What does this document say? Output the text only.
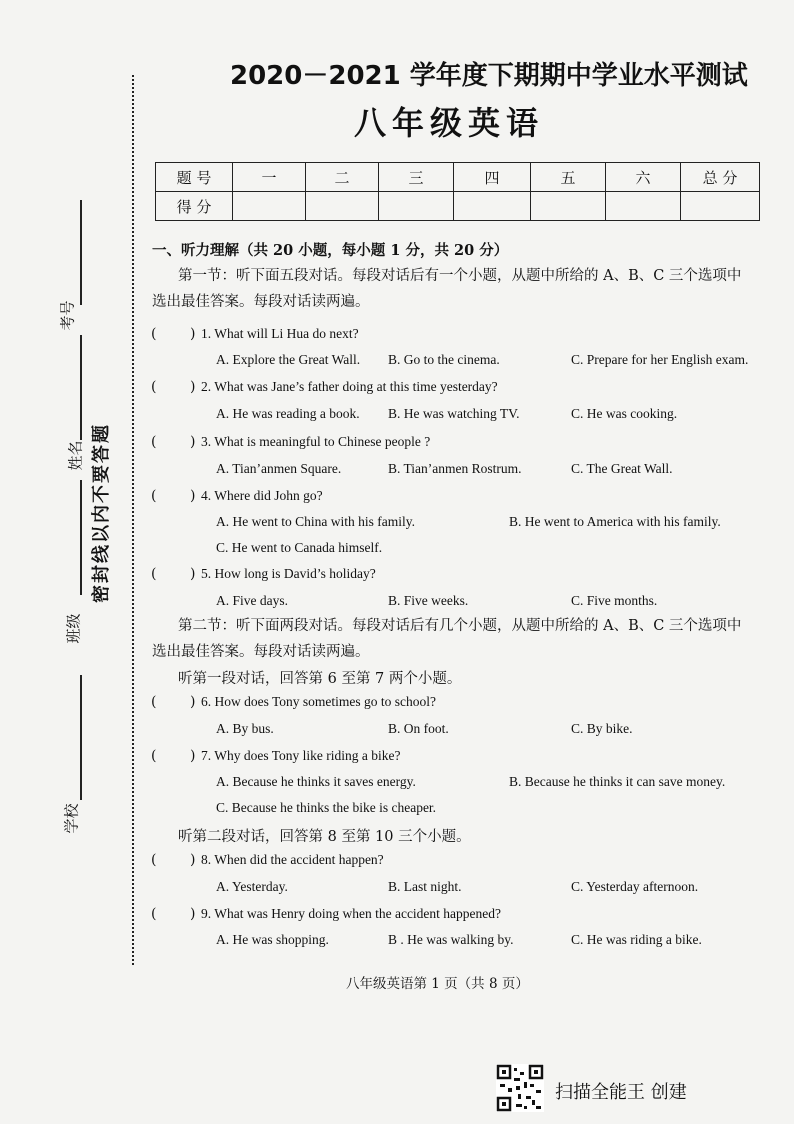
考号
姓名
班级
学校
密封线以内不要答题
2020－2021 学年度下期期中学业水平测试
八年级英语
题 号	一	二	三	四	五	六	总 分
得 分							
一、听力理解（共 20 小题，每小题 1 分，共 20 分）
第一节：听下面五段对话。每段对话后有一个小题，从题中所给的 A、B、C 三个选项中
选出最佳答案。每段对话读两遍。
( ) 1. What will Li Hua do next?
A. Explore the Great Wall. B. Go to the cinema.	C. Prepare for her English exam.
( ) 2. What was Jane’s father doing at this time yesterday?
A. He was reading a book. B. He was watching TV.	C. He was cooking.
( ) 3. What is meaningful to Chinese people ?
A. Tian’anmen Square.	B. Tian’anmen Rostrum.	C. The Great Wall.
( ) 4. Where did John go?
A. He went to China with his family.	B. He went to America with his family.
C. He went to Canada himself.
( ) 5. How long is David’s holiday?
A. Five days.	B. Five weeks.	C. Five months.
第二节：听下面两段对话。每段对话后有几个小题，从题中所给的 A、B、C 三个选项中
选出最佳答案。每段对话读两遍。
听第一段对话，回答第 6 至第 7 两个小题。
( ) 6. How does Tony sometimes go to school?
A. By bus.	B. On foot.	C. By bike.
( ) 7. Why does Tony like riding a bike?
A. Because he thinks it saves energy.	B. Because he thinks it can save money.
C. Because he thinks the bike is cheaper.
听第二段对话，回答第 8 至第 10 三个小题。
( ) 8. When did the accident happen?
A. Yesterday.	B. Last night.	C. Yesterday afternoon.
( ) 9. What was Henry doing when the accident happened?
A. He was shopping.	B . He was walking by.	C. He was riding a bike.
八年级英语第 1 页（共 8 页）
扫描全能王 创建
